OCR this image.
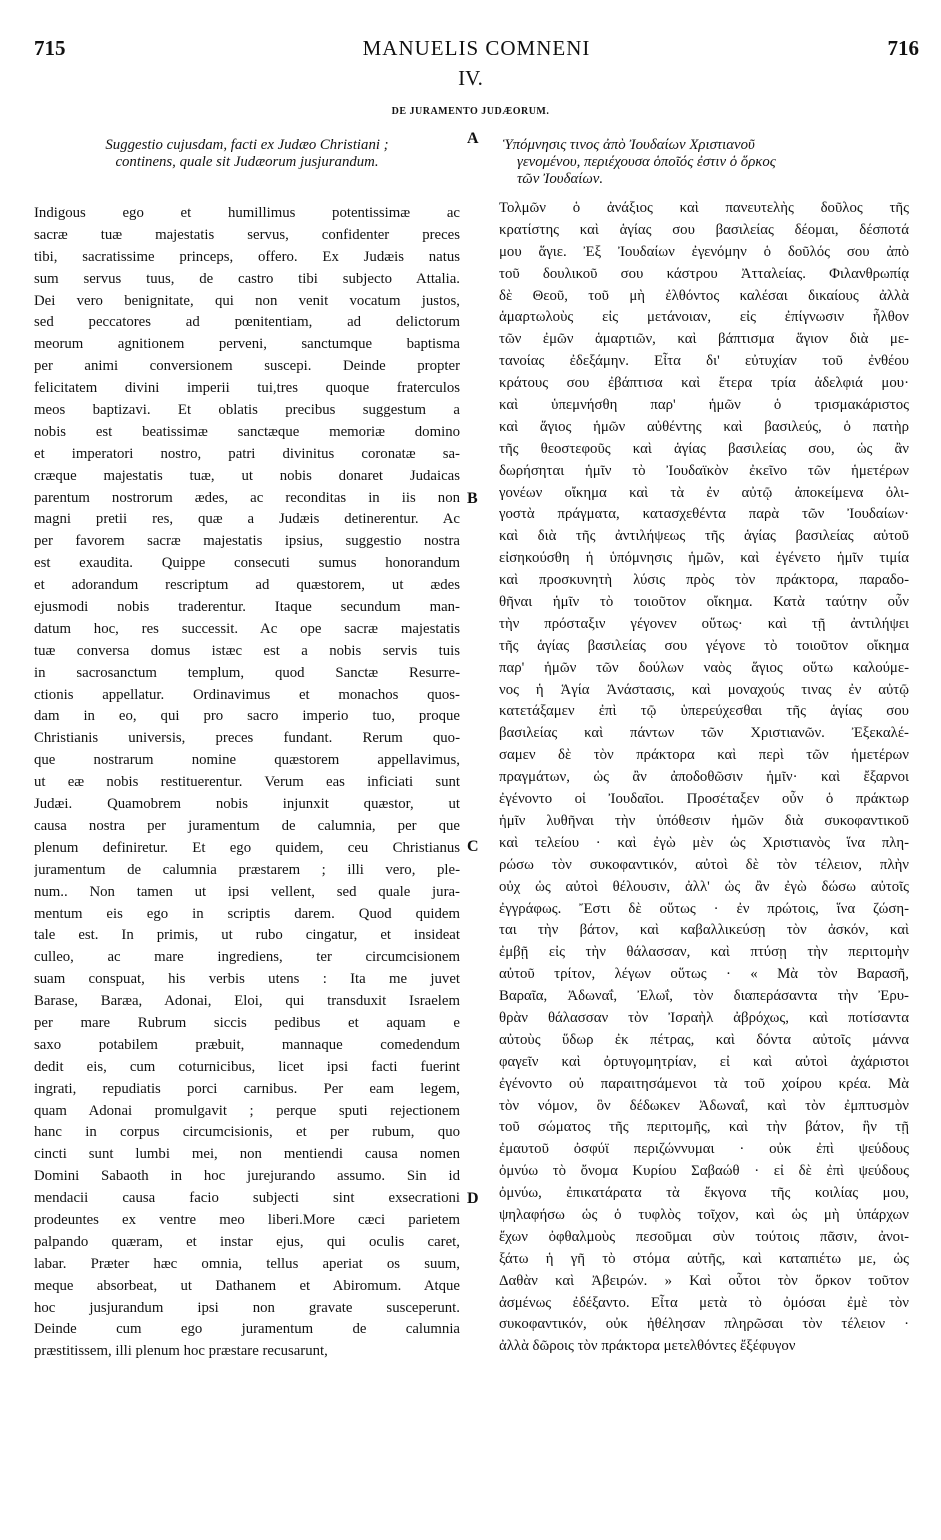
715	MANUELIS COMNENI	716
IV.
DE JURAMENTO JUDÆORUM.
Suggestio cujusdam, facti ex Judæo Christiani ;
continens, quale sit Judæorum jusjurandum.
Indigous ego et humillimus potentissimæ ac
sacræ tuæ majestatis servus, confidenter preces
tibi, sacratissime princeps, offero. Ex Judæis natus
sum servus tuus, de castro tibi subjecto Attalia.
Dei vero benignitate, qui non venit vocatum justos,
sed peccatores ad pœnitentiam, ad delictorum
meorum agnitionem perveni, sanctumque baptisma
per animi conversionem suscepi. Deinde propter
felicitatem divini imperii tui,tres quoque fraterculos
meos baptizavi. Et oblatis precibus suggestum a
nobis est beatissimæ sanctæque memoriæ domino
et imperatori nostro, patri divinitus coronatæ sa-
cræque majestatis tuæ, ut nobis donaret Judaicas
parentum nostrorum ædes, ac reconditas in iis non
magni pretii res, quæ a Judæis detinerentur. Ac
per favorem sacræ majestatis ipsius, suggestio nostra
est exaudita. Quippe consecuti sumus honorandum
et adorandum rescriptum ad quæstorem, ut ædes
ejusmodi nobis traderentur. Itaque secundum man-
datum hoc, res successit. Ac ope sacræ majestatis
tuæ conversa domus istæc est a nobis servis tuis
in sacrosanctum templum, quod Sanctæ Resurre-
ctionis appellatur. Ordinavimus et monachos quos-
dam in eo, qui pro sacro imperio tuo, proque
Christianis universis, preces fundant. Rerum quo-
que nostrarum nomine quæstorem appellavimus,
ut eæ nobis restituerentur. Verum eas inficiati sunt
Judæi. Quamobrem nobis injunxit quæstor, ut
causa nostra per juramentum de calumnia, per que
plenum definiretur. Et ego quidem, ceu Christianus
juramentum de calumnia præstarem ; illi vero, ple-
num.. Non tamen ut ipsi vellent, sed quale jura-
mentum eis ego in scriptis darem. Quod quidem
tale est. In primis, ut rubo cingatur, et insideat
culleo, ac mare ingrediens, ter circumcisionem
suam conspuat, his verbis utens : Ita me juvet
Barase, Baræa, Adonai, Eloi, qui transduxit Israelem
per mare Rubrum siccis pedibus et aquam e
saxo potabilem præbuit, mannaque comedendum
dedit eis, cum coturnicibus, licet ipsi facti fuerint
ingrati, repudiatis porci carnibus. Per eam legem,
quam Adonai promulgavit ; perque sputi rejectionem
hanc in corpus circumcisionis, et per rubum, quo
cincti sunt lumbi mei, non mentiendi causa nomen
Domini Sabaoth in hoc jurejurando assumo. Sin id
mendacii causa facio subjecti sint exsecrationi
prodeuntes ex ventre meo liberi.More cæci parietem
palpando quæram, et instar ejus, qui oculis caret,
labar. Præter hæc omnia, tellus aperiat os suum,
meque absorbeat, ut Dathanem et Abiromum. Atque
hoc jusjurandum ipsi non gravate susceperunt.
Deinde cum ego juramentum de calumnia
præstitissem, illi plenum hoc præstare recusarunt,
Ὑπόμνησις τινος ἀπὸ Ἰουδαίων Χριστιανοῦ
γενομένου, περιέχουσα ὁποῖός ἐστιν ὁ ὅρκος
τῶν Ἰουδαίων.
Τολμῶν ὁ ἀνάξιος καὶ πανευτελὴς δοῦλος τῆς
κρατίστης καὶ ἁγίας σου βασιλείας δέομαι, δέσποτά
μου ἅγιε. Ἐξ Ἰουδαίων ἐγενόμην ὁ δοῦλός σου ἀπὸ
τοῦ δουλικοῦ σου κάστρου Ἀτταλείας. Φιλανθρωπίᾳ
δὲ Θεοῦ, τοῦ μὴ ἐλθόντος καλέσαι δικαίους ἀλλὰ
ἁμαρτωλοὺς εἰς μετάνοιαν, εἰς ἐπίγνωσιν ἦλθον
τῶν ἐμῶν ἁμαρτιῶν, καὶ βάπτισμα ἅγιον διὰ με-
τανοίας ἐδεξάμην. Εἶτα δι' εὐτυχίαν τοῦ ἐνθέου
κράτους σου ἐβάπτισα καὶ ἕτερα τρία ἀδελφιά μου·
καὶ ὑπεμνήσθη παρ' ἡμῶν ὁ τρισμακάριστος
καὶ ἅγιος ἡμῶν αὐθέντης καὶ βασιλεύς, ὁ πατὴρ
τῆς θεοστεφοῦς καὶ ἁγίας βασιλείας σου, ὡς ἂν
δωρήσηται ἡμῖν τὸ Ἰουδαϊκὸν ἐκεῖνο τῶν ἡμετέρων
γονέων οἴκημα καὶ τὰ ἐν αὐτῷ ἀποκείμενα ὀλι-
γοστὰ πράγματα, κατασχεθέντα παρὰ τῶν Ἰουδαίων·
καὶ διὰ τῆς ἀντιλήψεως τῆς ἁγίας βασιλείας αὐτοῦ
εἰσηκούσθη ἡ ὑπόμνησις ἡμῶν, καὶ ἐγένετο ἡμῖν τιμία
καὶ προσκυνητὴ λύσις πρὸς τὸν πράκτορα, παραδο-
θῆναι ἡμῖν τὸ τοιοῦτον οἴκημα. Κατὰ ταύτην οὖν
τὴν πρόσταξιν γέγονεν οὕτως· καὶ τῇ ἀντιλήψει
τῆς ἁγίας βασιλείας σου γέγονε τὸ τοιοῦτον οἴκημα
παρ' ἡμῶν τῶν δούλων ναὸς ἅγιος οὕτω καλούμε-
νος ἡ Ἁγία Ἀνάστασις, καὶ μοναχούς τινας ἐν αὐτῷ
κατετάξαμεν ἐπὶ τῷ ὑπερεύχεσθαι τῆς ἁγίας σου
βασιλείας καὶ πάντων τῶν Χριστιανῶν. Ἐξεκαλέ-
σαμεν δὲ τὸν πράκτορα καὶ περὶ τῶν ἡμετέρων
πραγμάτων, ὡς ἂν ἀποδοθῶσιν ἡμῖν· καὶ ἔξαρνοι
ἐγένοντο οἱ Ἰουδαῖοι. Προσέταξεν οὖν ὁ πράκτωρ
ἡμῖν λυθῆναι τὴν ὑπόθεσιν ἡμῶν διὰ συκοφαντικοῦ
καὶ τελείου · καὶ ἐγὼ μὲν ὡς Χριστιανὸς ἵνα πλη-
ρώσω τὸν συκοφαντικόν, αὐτοὶ δὲ τὸν τέλειον, πλὴν
οὐχ ὡς αὐτοὶ θέλουσιν, ἀλλ' ὡς ἂν ἐγὼ δώσω αὐτοῖς
ἐγγράφως. Ἔστι δὲ οὕτως · ἐν πρώτοις, ἵνα ζώση-
ται τὴν βάτον, καὶ καβαλλικεύσῃ τὸν ἀσκόν, καὶ
ἐμβῇ εἰς τὴν θάλασσαν, καὶ πτύσῃ τὴν περιτομὴν
αὐτοῦ τρίτον, λέγων οὕτως · « Μὰ τὸν Βαρασῆ,
Βαραῖα, Ἀδωναΐ, Ἐλωΐ, τὸν διαπεράσαντα τὴν Ἐρυ-
θρὰν θάλασσαν τὸν Ἰσραὴλ ἀβρόχως, καὶ ποτίσαντα
αὐτοὺς ὕδωρ ἐκ πέτρας, καὶ δόντα αὐτοῖς μάννα
φαγεῖν καὶ ὀρτυγομητρίαν, εἰ καὶ αὐτοὶ ἀχάριστοι
ἐγένοντο οὐ παραιτησάμενοι τὰ τοῦ χοίρου κρέα. Μὰ
τὸν νόμον, ὃν δέδωκεν Ἀδωναΐ, καὶ τὸν ἐμπτυσμὸν
τοῦ σώματος τῆς περιτομῆς, καὶ τὴν βάτον, ἣν τῇ
ἐμαυτοῦ ὀσφύϊ περιζώννυμαι · οὐκ ἐπὶ ψεύδους
ὀμνύω τὸ ὄνομα Κυρίου Σαβαώθ · εἰ δὲ ἐπὶ ψεύδους
ὀμνύω, ἐπικατάρατα τὰ ἔκγονα τῆς κοιλίας μου,
ψηλαφήσω ὡς ὁ τυφλὸς τοῖχον, καὶ ὡς μὴ ὑπάρχων
ἔχων ὀφθαλμοὺς πεσοῦμαι σὺν τούτοις πᾶσιν, ἀνοι-
ξάτω ἡ γῆ τὸ στόμα αὐτῆς, καὶ καταπιέτω με, ὡς
Δαθὰν καὶ Ἀβειρών. » Καὶ οὗτοι τὸν ὅρκον τοῦτον
ἀσμένως ἐδέξαντο. Εἶτα μετὰ τὸ ὀμόσαι ἐμὲ τὸν
συκοφαντικόν, οὐκ ἠθέλησαν πληρῶσαι τὸν τέλειον ·
ἀλλὰ δῶροις τὸν πράκτορα μετελθόντες ἔξέφυγον
A
B
C
D
